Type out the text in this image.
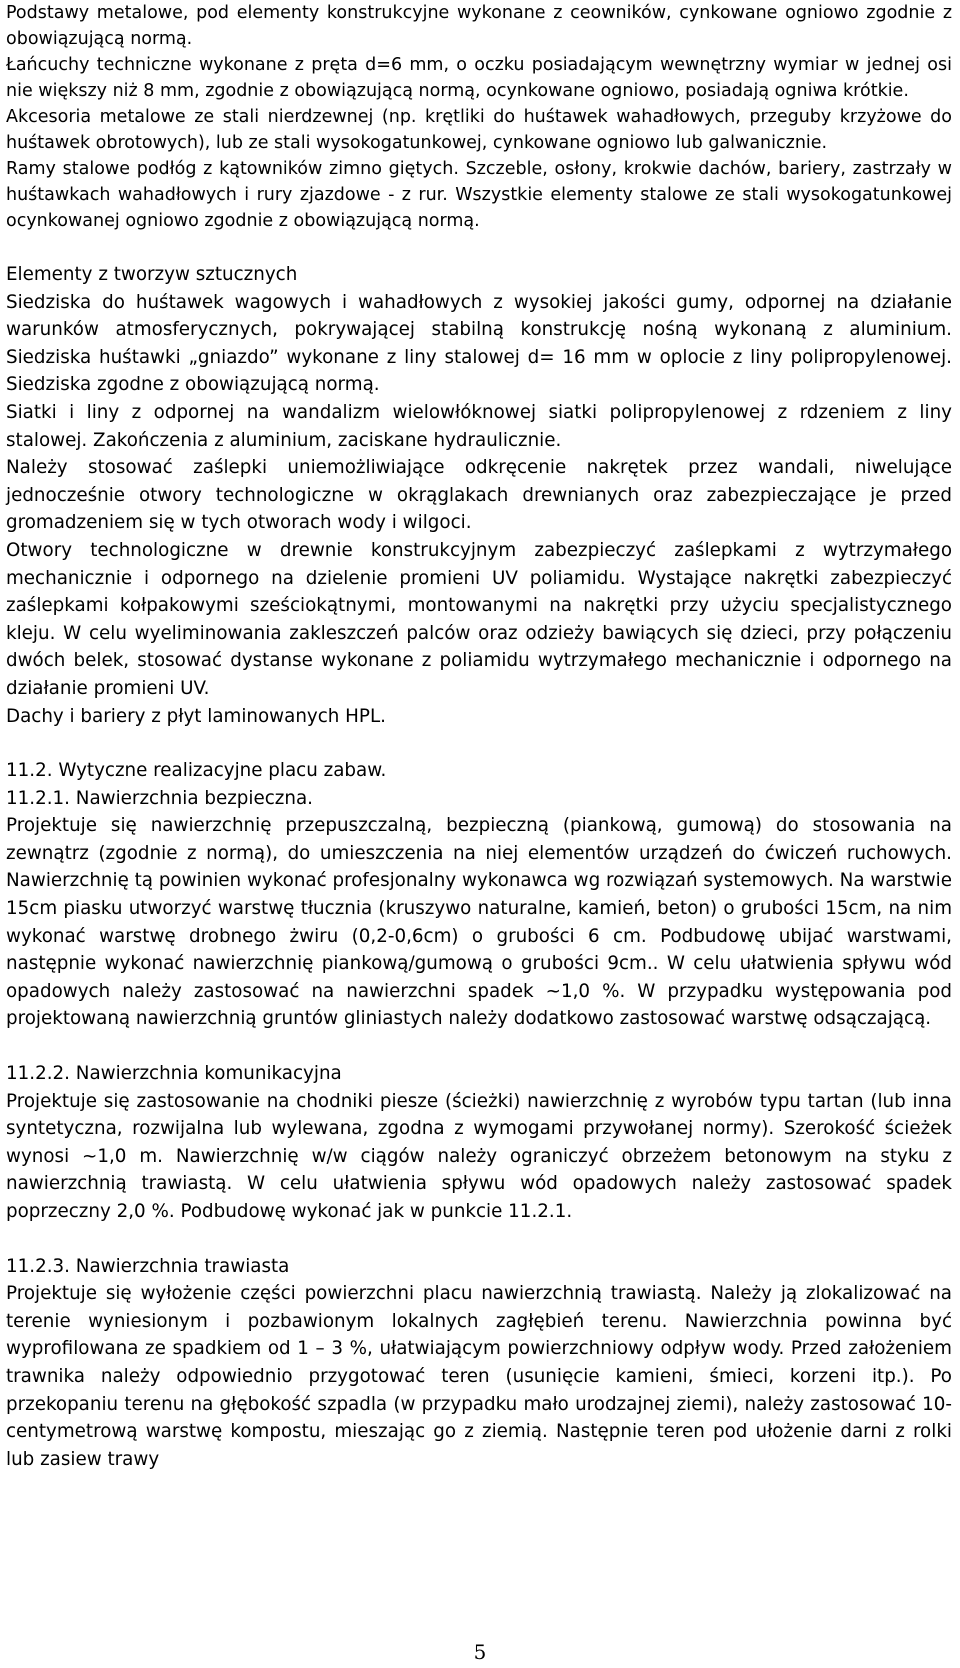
Podstawy metalowe, pod elementy konstrukcyjne wykonane z ceowników, cynkowane ogniowo zgodnie z obowiązującą normą.

Łańcuchy techniczne wykonane z pręta d=6 mm, o oczku posiadającym wewnętrzny wymiar w jednej osi nie większy niż 8 mm, zgodnie z obowiązującą normą, ocynkowane ogniowo, posiadają ogniwa krótkie.

Akcesoria metalowe ze stali nierdzewnej (np. krętliki do huśtawek wahadłowych, przeguby krzyżowe do huśtawek obrotowych), lub ze stali wysokogatunkowej, cynkowane ogniowo lub galwanicznie.

Ramy stalowe podłóg z kątowników zimno giętych. Szczeble, osłony, krokwie dachów, bariery, zastrzały w huśtawkach wahadłowych i rury zjazdowe - z rur. Wszystkie elementy stalowe ze stali wysokogatunkowej ocynkowanej ogniowo zgodnie z obowiązującą normą.

Elementy z tworzyw sztucznych

Siedziska do huśtawek wagowych i wahadłowych z wysokiej jakości gumy, odpornej na działanie warunków atmosferycznych, pokrywającej stabilną konstrukcję nośną wykonaną z aluminium. Siedziska huśtawki „gniazdo” wykonane z liny stalowej d= 16 mm w oplocie z liny polipropylenowej. Siedziska zgodne z obowiązującą normą.

Siatki i liny z odpornej na wandalizm wielowłóknowej siatki polipropylenowej z rdzeniem z liny stalowej. Zakończenia z aluminium, zaciskane hydraulicznie.

Należy stosować zaślepki uniemożliwiające odkręcenie nakrętek przez wandali, niwelujące jednocześnie otwory technologiczne w okrąglakach drewnianych oraz zabezpieczające je przed gromadzeniem się w tych otworach wody i wilgoci.

Otwory technologiczne w drewnie konstrukcyjnym zabezpieczyć zaślepkami z wytrzymałego mechanicznie i odpornego na dzielenie promieni UV poliamidu. Wystające nakrętki zabezpieczyć zaślepkami kołpakowymi sześciokątnymi, montowanymi na nakrętki przy użyciu specjalistycznego kleju. W celu wyeliminowania zakleszczeń palców oraz odzieży bawiących się dzieci, przy połączeniu dwóch belek, stosować dystanse wykonane z poliamidu wytrzymałego mechanicznie i odpornego na działanie promieni UV.

Dachy i bariery z płyt laminowanych HPL.

11.2. Wytyczne realizacyjne placu zabaw.

11.2.1. Nawierzchnia bezpieczna.

Projektuje się nawierzchnię przepuszczalną, bezpieczną (piankową, gumową) do stosowania na zewnątrz (zgodnie z normą), do umieszczenia na niej elementów urządzeń do ćwiczeń ruchowych. Nawierzchnię tą powinien wykonać profesjonalny wykonawca wg rozwiązań systemowych. Na warstwie 15cm piasku utworzyć warstwę tłucznia (kruszywo naturalne, kamień, beton) o grubości 15cm, na nim wykonać warstwę drobnego żwiru (0,2-0,6cm) o grubości 6 cm. Podbudowę ubijać warstwami, następnie wykonać nawierzchnię piankową/gumową o grubości 9cm.. W celu ułatwienia spływu wód opadowych należy zastosować na nawierzchni spadek ~1,0 %. W przypadku występowania pod projektowaną nawierzchnią gruntów gliniastych należy dodatkowo zastosować warstwę odsączającą.

11.2.2. Nawierzchnia komunikacyjna

Projektuje się zastosowanie na chodniki piesze (ścieżki) nawierzchnię z wyrobów typu tartan (lub inna syntetyczna, rozwijalna lub wylewana, zgodna z wymogami przywołanej normy). Szerokość ścieżek wynosi ~1,0 m. Nawierzchnię w/w ciągów należy ograniczyć obrzeżem betonowym na styku z nawierzchnią trawiastą. W celu ułatwienia spływu wód opadowych należy zastosować spadek poprzeczny 2,0 %. Podbudowę wykonać jak w punkcie 11.2.1.

11.2.3. Nawierzchnia trawiasta

Projektuje się wyłożenie części powierzchni placu nawierzchnią trawiastą. Należy ją zlokalizować na terenie wyniesionym i pozbawionym lokalnych zagłębień terenu. Nawierzchnia powinna być wyprofilowana ze spadkiem od 1 – 3 %, ułatwiającym powierzchniowy odpływ wody. Przed założeniem trawnika należy odpowiednio przygotować teren (usunięcie kamieni, śmieci, korzeni itp.). Po przekopaniu terenu na głębokość szpadla (w przypadku mało urodzajnej ziemi), należy zastosować 10-centymetrową warstwę kompostu, mieszając go z ziemią. Następnie teren pod ułożenie darni z rolki lub zasiew trawy

5
